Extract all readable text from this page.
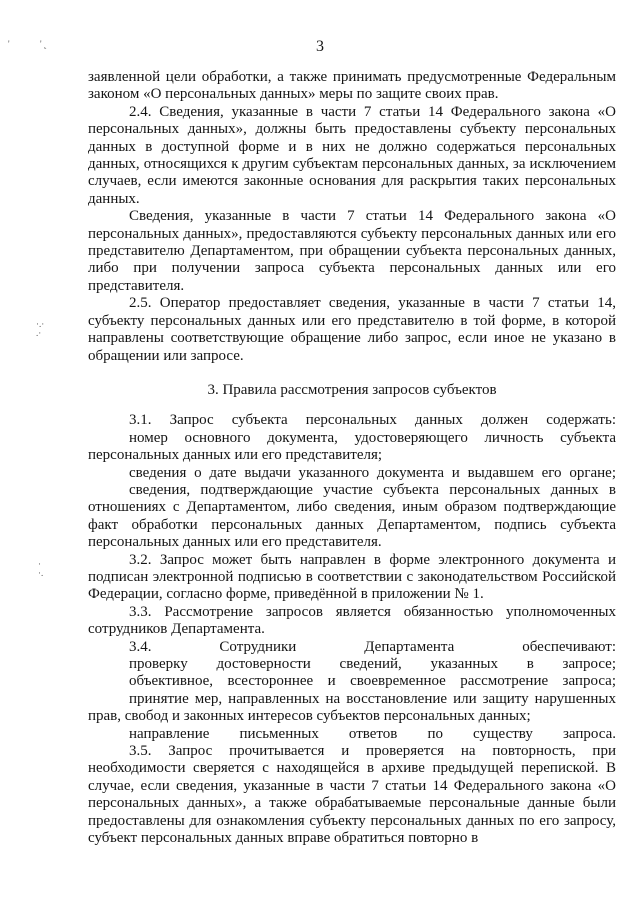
'	' ˛
·.·
.·
·
·.
3

заявленной цели обработки, а также принимать предусмотренные Федеральным законом «О персональных данных» меры по защите своих прав.

2.4. Сведения, указанные в части 7 статьи 14 Федерального закона «О персональных данных», должны быть предоставлены субъекту персональных данных в доступной форме и в них не должно содержаться персональных данных, относящихся к другим субъектам персональных данных, за исключением случаев, если имеются законные основания для раскрытия таких персональных данных.

Сведения, указанные в части 7 статьи 14 Федерального закона «О персональных данных», предоставляются субъекту персональных данных или его представителю Департаментом, при обращении субъекта персональных данных, либо при получении запроса субъекта персональных данных или его представителя.

2.5. Оператор предоставляет сведения, указанные в части 7 статьи 14, субъекту персональных данных или его представителю в той форме, в которой направлены соответствующие обращение либо запрос, если иное не указано в обращении или запросе.

3. Правила рассмотрения запросов субъектов

3.1. Запрос субъекта персональных данных должен содержать:

номер основного документа, удостоверяющего личность субъекта персональных данных или его представителя;

сведения о дате выдачи указанного документа и выдавшем его органе;

сведения, подтверждающие участие субъекта персональных данных в отношениях с Департаментом, либо сведения, иным образом подтверждающие факт обработки персональных данных Департаментом, подпись субъекта персональных данных или его представителя.

3.2. Запрос может быть направлен в форме электронного документа и подписан электронной подписью в соответствии с законодательством Российской Федерации, согласно форме, приведённой в приложении № 1.

3.3. Рассмотрение запросов является обязанностью уполномоченных сотрудников Департамента.

3.4. Сотрудники Департамента обеспечивают:

проверку достоверности сведений, указанных в запросе;

объективное, всестороннее и своевременное рассмотрение запроса;

принятие мер, направленных на восстановление или защиту нарушенных прав, свобод и законных интересов субъектов персональных данных;

направление письменных ответов по существу запроса.

3.5. Запрос прочитывается и проверяется на повторность, при необходимости сверяется с находящейся в архиве предыдущей перепиской. В случае, если сведения, указанные в части 7 статьи 14 Федерального закона «О персональных данных», а также обрабатываемые персональные данные были предоставлены для ознакомления субъекту персональных данных по его запросу, субъект персональных данных вправе обратиться повторно в
